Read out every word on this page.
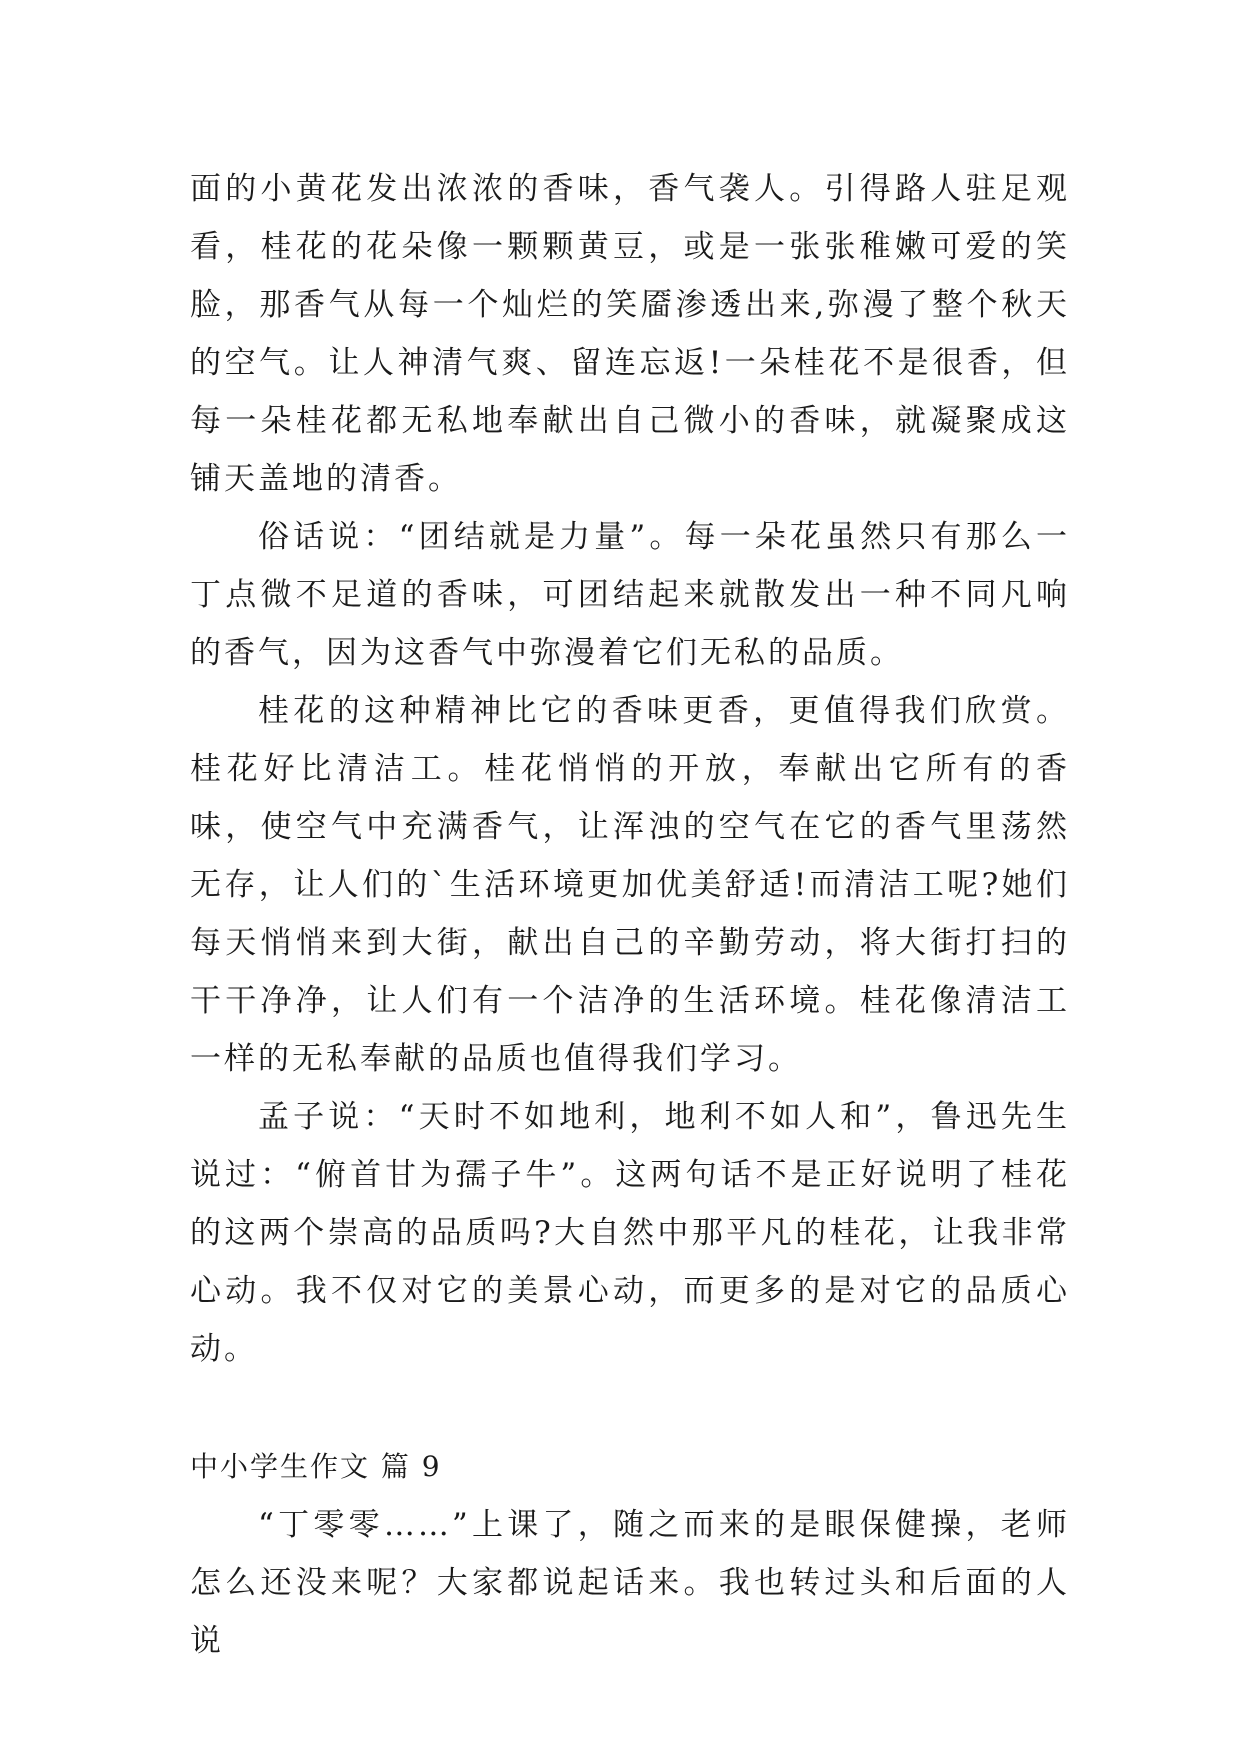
面的小黄花发出浓浓的香味，香气袭人。引得路人驻足观看，桂花的花朵像一颗颗黄豆，或是一张张稚嫩可爱的笑脸，那香气从每一个灿烂的笑靥渗透出来,弥漫了整个秋天的空气。让人神清气爽、留连忘返!一朵桂花不是很香，但每一朵桂花都无私地奉献出自己微小的香味，就凝聚成这铺天盖地的清香。

俗话说：“团结就是力量”。每一朵花虽然只有那么一丁点微不足道的香味，可团结起来就散发出一种不同凡响的香气，因为这香气中弥漫着它们无私的品质。

桂花的这种精神比它的香味更香，更值得我们欣赏。桂花好比清洁工。桂花悄悄的开放，奉献出它所有的香味，使空气中充满香气，让浑浊的空气在它的香气里荡然无存，让人们的`生活环境更加优美舒适!而清洁工呢?她们每天悄悄来到大街，献出自己的辛勤劳动，将大街打扫的干干净净，让人们有一个洁净的生活环境。桂花像清洁工一样的无私奉献的品质也值得我们学习。

孟子说：“天时不如地利，地利不如人和”，鲁迅先生说过：“俯首甘为孺子牛”。这两句话不是正好说明了桂花的这两个崇高的品质吗?大自然中那平凡的桂花，让我非常心动。我不仅对它的美景心动，而更多的是对它的品质心动。

中小学生作文 篇 9

“丁零零……”上课了，随之而来的是眼保健操，老师怎么还没来呢？大家都说起话来。我也转过头和后面的人说
